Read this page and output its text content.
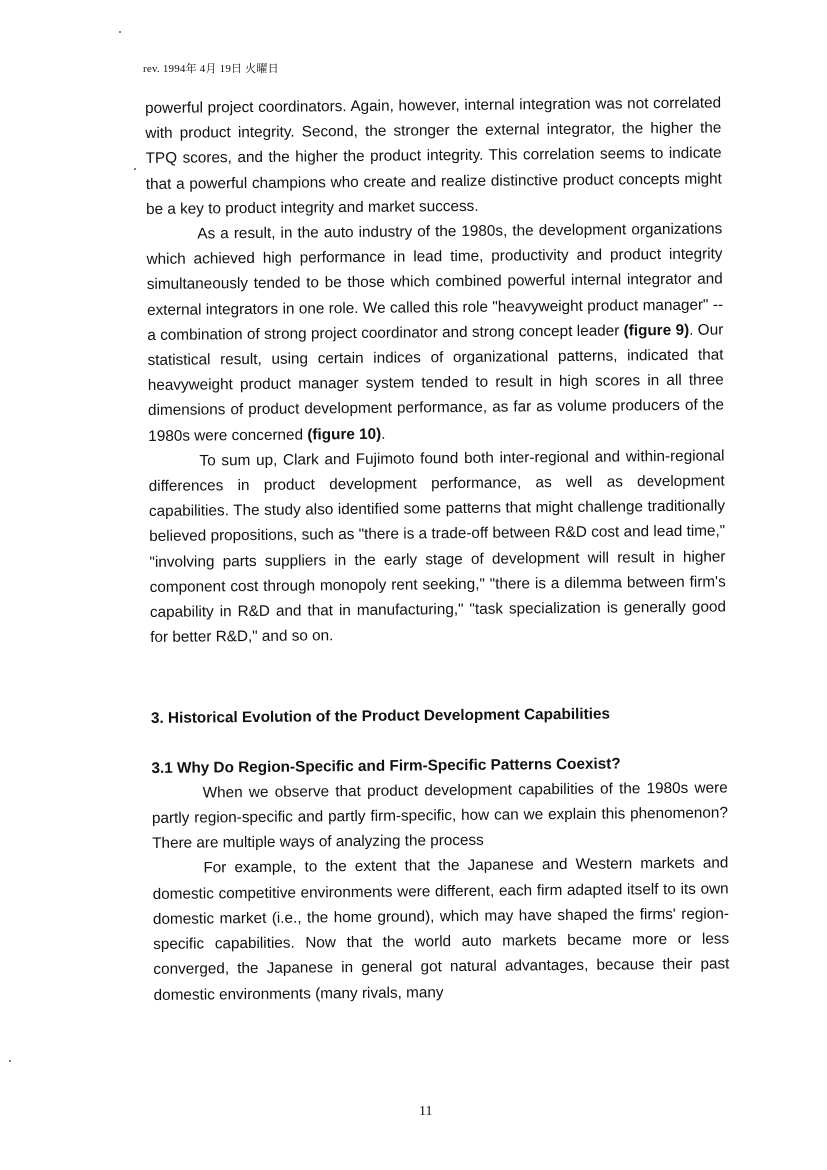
rev. 1994年 4月 19日 火曜日

powerful project coordinators. Again, however, internal integration was not correlated with product integrity. Second, the stronger the external integrator, the higher the TPQ scores, and the higher the product integrity. This correlation seems to indicate that a powerful champions who create and realize distinctive product concepts might be a key to product integrity and market success.

As a result, in the auto industry of the 1980s, the development organizations which achieved high performance in lead time, productivity and product integrity simultaneously tended to be those which combined powerful internal integrator and external integrators in one role. We called this role "heavyweight product manager" -- a combination of strong project coordinator and strong concept leader (figure 9). Our statistical result, using certain indices of organizational patterns, indicated that heavyweight product manager system tended to result in high scores in all three dimensions of product development performance, as far as volume producers of the 1980s were concerned (figure 10).

To sum up, Clark and Fujimoto found both inter-regional and within-regional differences in product development performance, as well as development capabilities. The study also identified some patterns that might challenge traditionally believed propositions, such as "there is a trade-off between R&D cost and lead time," "involving parts suppliers in the early stage of development will result in higher component cost through monopoly rent seeking," "there is a dilemma between firm's capability in R&D and that in manufacturing," "task specialization is generally good for better R&D," and so on.

3. Historical Evolution of the Product Development Capabilities
3.1 Why Do Region-Specific and Firm-Specific Patterns Coexist?

When we observe that product development capabilities of the 1980s were partly region-specific and partly firm-specific, how can we explain this phenomenon? There are multiple ways of analyzing the process

For example, to the extent that the Japanese and Western markets and domestic competitive environments were different, each firm adapted itself to its own domestic market (i.e., the home ground), which may have shaped the firms' region-specific capabilities. Now that the world auto markets became more or less converged, the Japanese in general got natural advantages, because their past domestic environments (many rivals, many

11
